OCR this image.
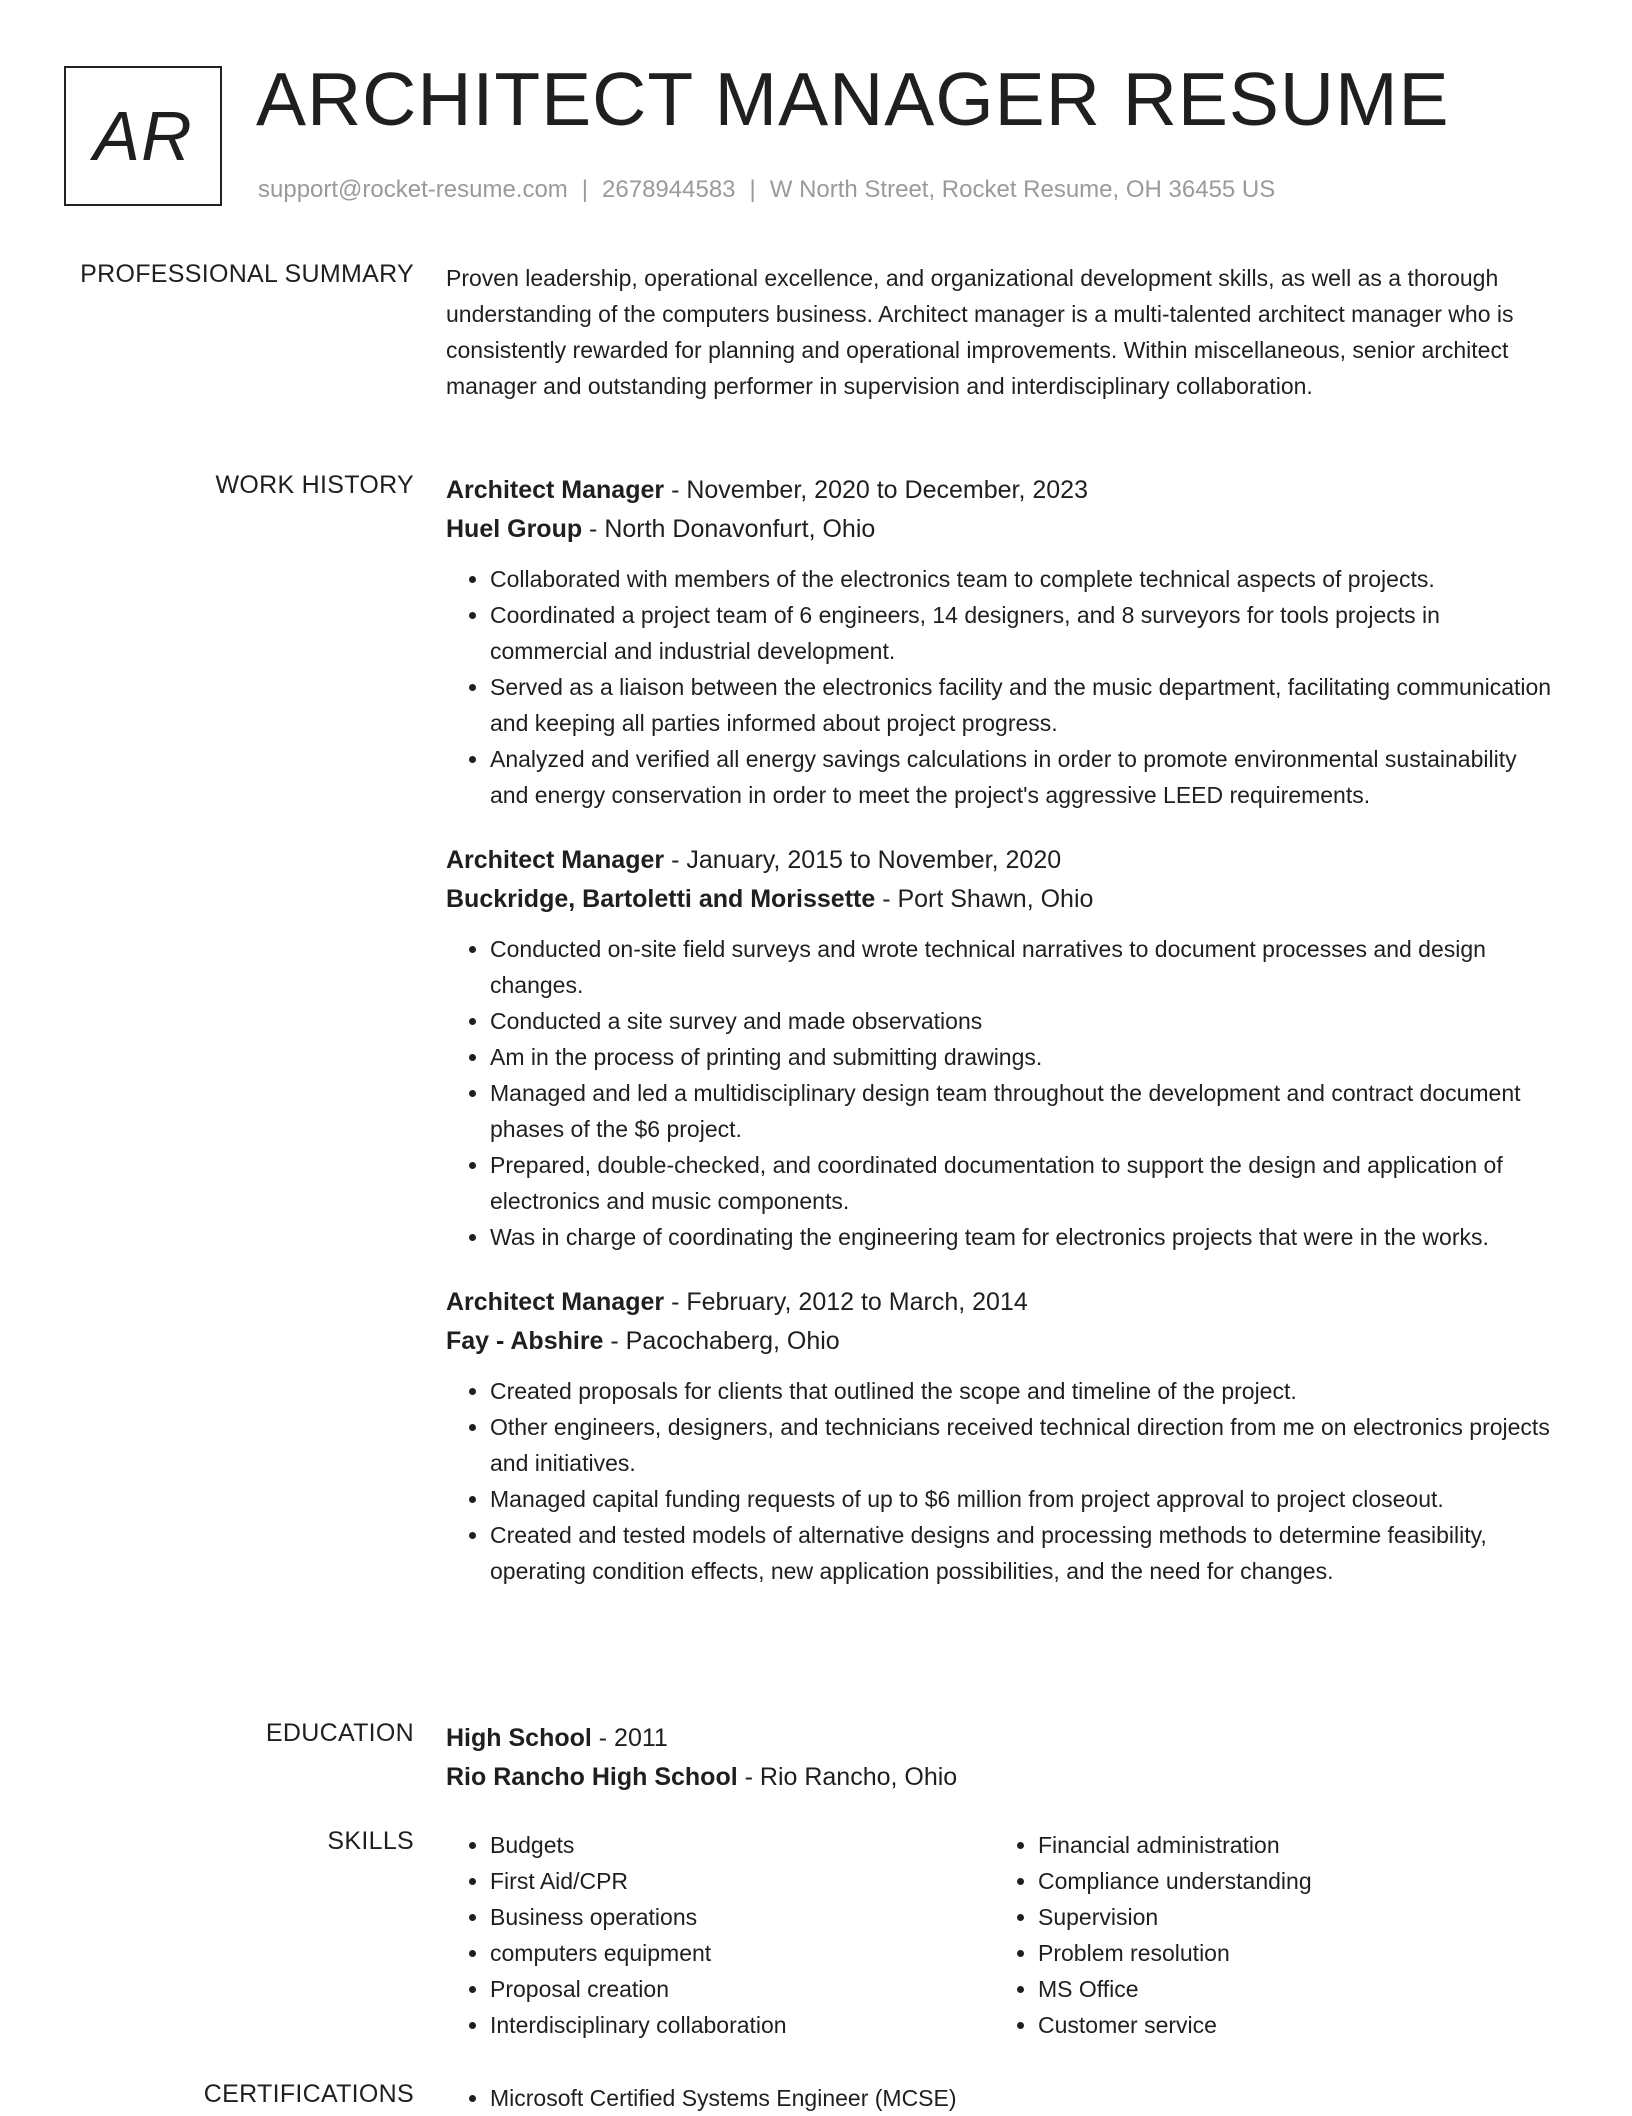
AR ARCHITECT MANAGER RESUME
support@rocket-resume.com | 2678944583 | W North Street, Rocket Resume, OH 36455 US
PROFESSIONAL SUMMARY Proven leadership, operational excellence, and organizational development skills, as well as a thorough understanding of the computers business. Architect manager is a multi-talented architect manager who is consistently rewarded for planning and operational improvements. Within miscellaneous, senior architect manager and outstanding performer in supervision and interdisciplinary collaboration.

WORK HISTORY Architect Manager - November, 2020 to December, 2023
Huel Group - North Donavonfurt, Ohio
• Collaborated with members of the electronics team to complete technical aspects of projects.
• Coordinated a project team of 6 engineers, 14 designers, and 8 surveyors for tools projects in commercial and industrial development.
• Served as a liaison between the electronics facility and the music department, facilitating communication and keeping all parties informed about project progress.
• Analyzed and verified all energy savings calculations in order to promote environmental sustainability and energy conservation in order to meet the project's aggressive LEED requirements.
Architect Manager - January, 2015 to November, 2020
Buckridge, Bartoletti and Morissette - Port Shawn, Ohio
• Conducted on-site field surveys and wrote technical narratives to document processes and design changes.
• Conducted a site survey and made observations
• Am in the process of printing and submitting drawings.
• Managed and led a multidisciplinary design team throughout the development and contract document phases of the $6 project.
• Prepared, double-checked, and coordinated documentation to support the design and application of electronics and music components.
• Was in charge of coordinating the engineering team for electronics projects that were in the works.
Architect Manager - February, 2012 to March, 2014
Fay - Abshire - Pacochaberg, Ohio
• Created proposals for clients that outlined the scope and timeline of the project.
• Other engineers, designers, and technicians received technical direction from me on electronics projects and initiatives.
• Managed capital funding requests of up to $6 million from project approval to project closeout.
• Created and tested models of alternative designs and processing methods to determine feasibility, operating condition effects, new application possibilities, and the need for changes.
EDUCATION High School - 2011
Rio Rancho High School - Rio Rancho, Ohio
SKILLS	• Budgets
• First Aid/CPR
• Business operations
• computers equipment
• Proposal creation
• Interdisciplinary collaboration
• Financial administration
• Compliance understanding
• Supervision
• Problem resolution
• MS Office
• Customer service
CERTIFICATIONS	• Microsoft Certified Systems Engineer (MCSE)
